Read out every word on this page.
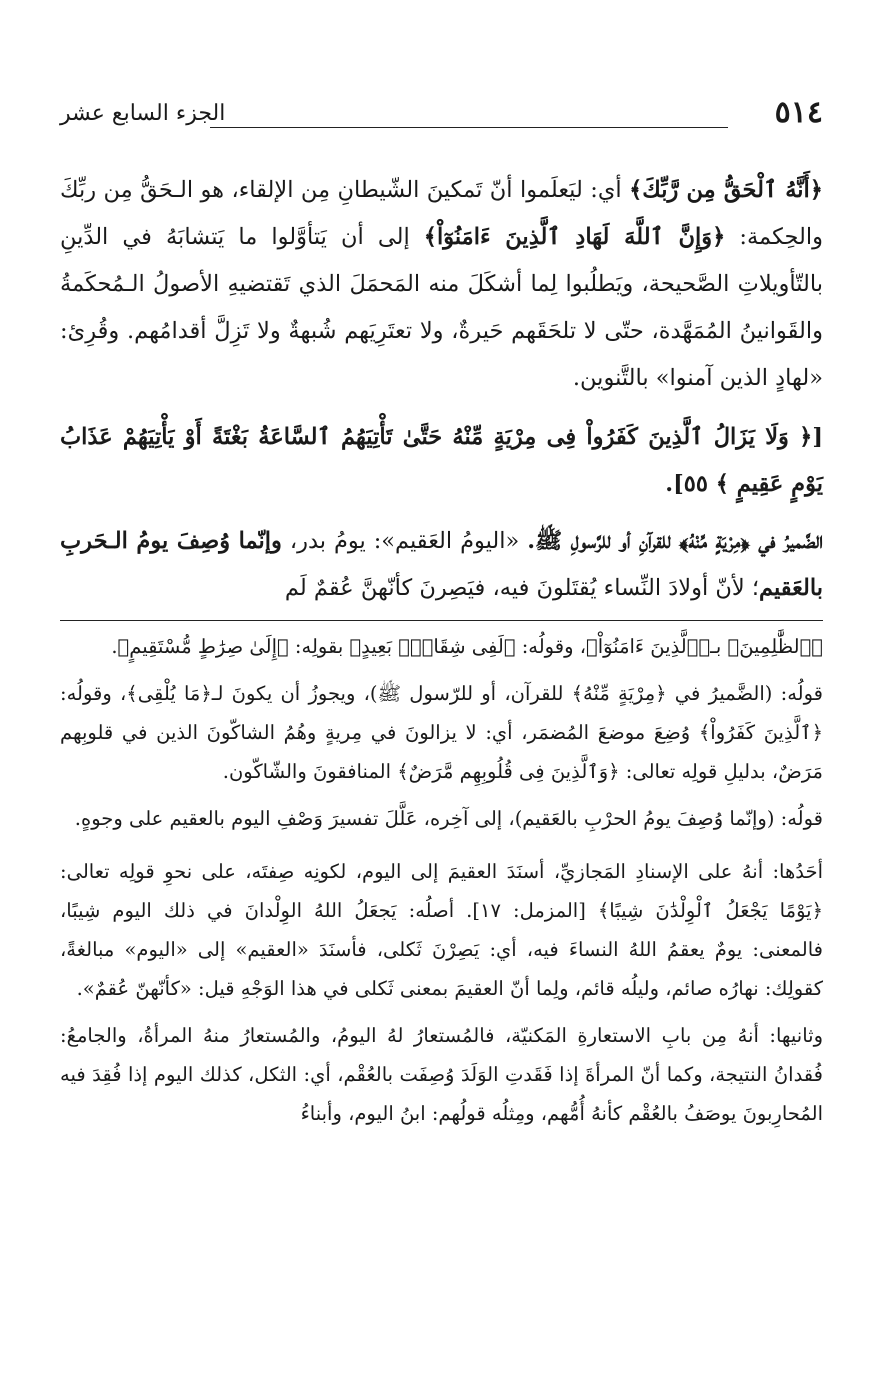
٥١٤
الجزء السابع عشر

﴿أَنَّهُ ٱلْحَقُّ مِن رَّبِّكَ﴾ أي: ليَعلَموا أنّ تَمكينَ الشّيطانِ مِن الإلقاء، هو الـحَقُّ مِن ربِّكَ والحِكمة: ﴿وَإِنَّ ٱللَّهَ لَهَادِ ٱلَّذِينَ ءَامَنُوٓاْ﴾ إلى أن يَتأوَّلوا ما يَتشابَهُ في الدِّينِ بالتّأويلاتِ الصَّحيحة، ويَطلُبوا لِما أشكَلَ منه المَحمَلَ الذي تَقتضيهِ الأصولُ الـمُحكَمةُ والقَوانينُ المُمَهَّدة، حتّى لا تلحَقَهم حَيرةٌ، ولا تعتَرِيَهم شُبهةٌ ولا تَزِلَّ أقدامُهم. وقُرِئ: «لهادٍ الذين آمنوا» بالتَّنوين.

[﴿ وَلَا يَزَالُ ٱلَّذِينَ كَفَرُواْ فِى مِرْيَةٍ مِّنْهُ حَتَّىٰ تَأْتِيَهُمُ ٱلسَّاعَةُ بَغْتَةً أَوْ يَأْتِيَهُمْ عَذَابُ يَوْمٍ عَقِيمٍ ﴾ ٥٥].

الضَّميرُ في ﴿مِرْيَةٍ مِّنْهُ﴾ للقرآنِ أو للرَّسولِ ﷺ. «اليومُ العَقيم»: يومُ بدر، وإنّما وُصِفَ يومُ الـحَربِ بالعَقيم؛ لأنّ أولادَ النِّساء يُقتَلونَ فيه، فيَصِرنَ كأنّهنَّ عُقمٌ لَم

﴿ٱلظَّٰلِمِينَ﴾ بـ﴿ٱلَّذِينَ ءَامَنُوٓاْ﴾، وقولُه: ﴿لَفِى شِقَاقٍۭ بَعِيدٍ﴾ بقولِه: ﴿إِلَىٰ صِرَٰطٍ مُّسْتَقِيمٍ﴾.

قولُه: (الضَّميرُ في ﴿مِرْيَةٍ مِّنْهُ﴾ للقرآن، أو للرّسول ﷺ)، ويجوزُ أن يكونَ لـ﴿مَا يُلْقِى﴾، وقولُه: ﴿ٱلَّذِينَ كَفَرُواْ﴾ وُضِعَ موضعَ المُضمَر، أي: لا يزالونَ في مِريةٍ وهُمُ الشاكّونَ الذين في قلوبِهم مَرَضٌ، بدليلِ قولِه تعالى: ﴿وَٱلَّذِينَ فِى قُلُوبِهِم مَّرَضٌ﴾ المنافقونَ والشّاكّون.

قولُه: (وإنّما وُصِفَ يومُ الحرْبِ بالعَقيم)، إلى آخِره، عَلَّلَ تفسيرَ وَصْفِ اليوم بالعقيم على وجوهٍ.

أحَدُها: أنهُ على الإسنادِ المَجازيِّ، أسنَدَ العقيمَ إلى اليوم، لكونِه صِفتَه، على نحوِ قولِه تعالى: ﴿يَوْمًا يَجْعَلُ ٱلْوِلْدَٰنَ شِيبًا﴾ [المزمل: ١٧]. أصلُه: يَجعَلُ اللهُ الوِلْدانَ في ذلك اليوم شِيبًا، فالمعنى: يومٌ يعقمُ اللهُ النساءَ فيه، أي: يَصِرْنَ ثَكلى، فأسنَدَ «العقيم» إلى «اليوم» مبالغةً، كقولِك: نهارُه صائم، وليلُه قائم، ولِما أنّ العقيمَ بمعنى ثَكلى في هذا الوَجْهِ قيل: «كأنّهنّ عُقمٌ».

وثانيها: أنهُ مِن بابِ الاستعارةِ المَكنيّة، فالمُستعارُ لهُ اليومُ، والمُستعارُ منهُ المرأةُ، والجامعُ: فُقدانُ النتيجة، وكما أنّ المرأةَ إذا فَقَدتِ الوَلَدَ وُصِفَت بالعُقْم، أي: الثكل، كذلك اليوم إذا فُقِدَ فيه المُحارِبونَ يوصَفُ بالعُقْم كأنهُ أُمُّهم، ومِثلُه قولُهم: ابنُ اليوم، وأبناءُ
